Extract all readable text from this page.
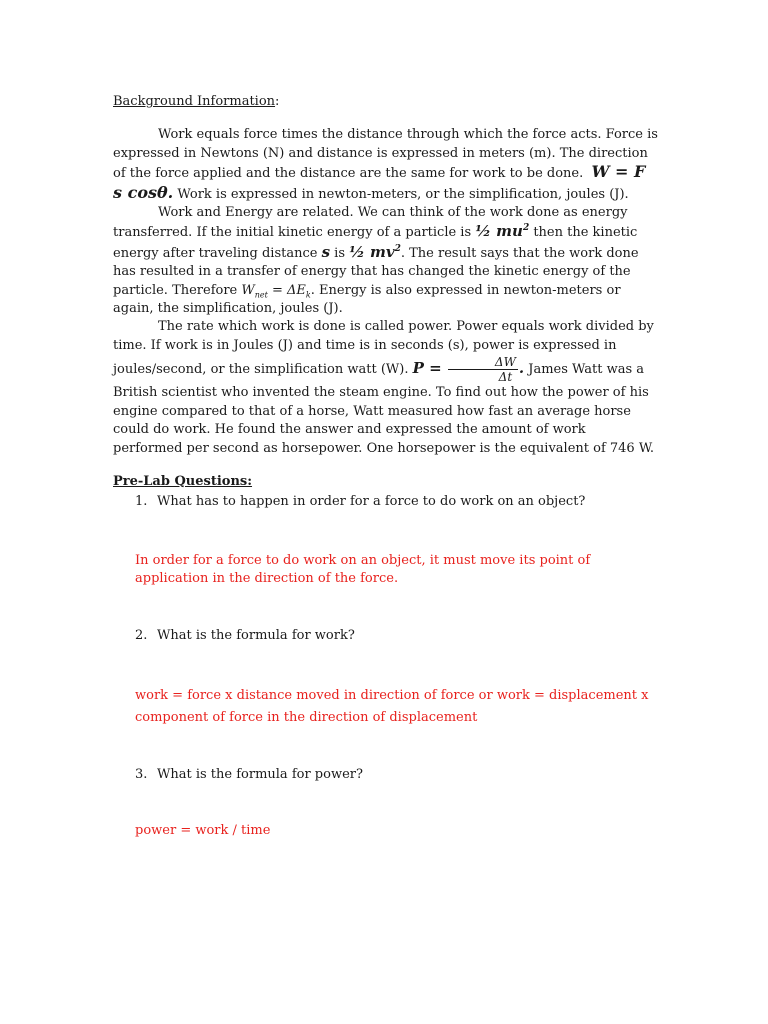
Background Information:

Work equals force times the distance through which the force acts. Force is expressed in Newtons (N) and distance is expressed in meters (m). The direction of the force applied and the distance are the same for work to be done. W = F s cosθ. Work is expressed in newton-meters, or the simplification, joules (J).

Work and Energy are related. We can think of the work done as energy transferred. If the initial kinetic energy of a particle is ½ $mu^2$ then the kinetic energy after traveling distance s is ½ $mv^2$. The result says that the work done has resulted in a transfer of energy that has changed the kinetic energy of the particle. Therefore $W_{net} = \Delta E_k$. Energy is also expressed in newton-meters or again, the simplification, joules (J).

The rate which work is done is called power. Power equals work divided by time. If work is in Joules (J) and time is in seconds (s), power is expressed in joules/second, or the simplification watt (W). $P = \frac{\Delta W}{\Delta t}$ . James Watt was a British scientist who invented the steam engine. To find out how the power of his engine compared to that of a horse, Watt measured how fast an average horse could do work. He found the answer and expressed the amount of work performed per second as horsepower. One horsepower is the equivalent of 746 W.

Pre-Lab Questions:

1. What has to happen in order for a force to do work on an object?

In order for a force to do work on an object, it must move its point of application in the direction of the force.

2. What is the formula for work?

work = force x distance moved in direction of force or work = displacement x component of force in the direction of displacement

3. What is the formula for power?

power = work / time
